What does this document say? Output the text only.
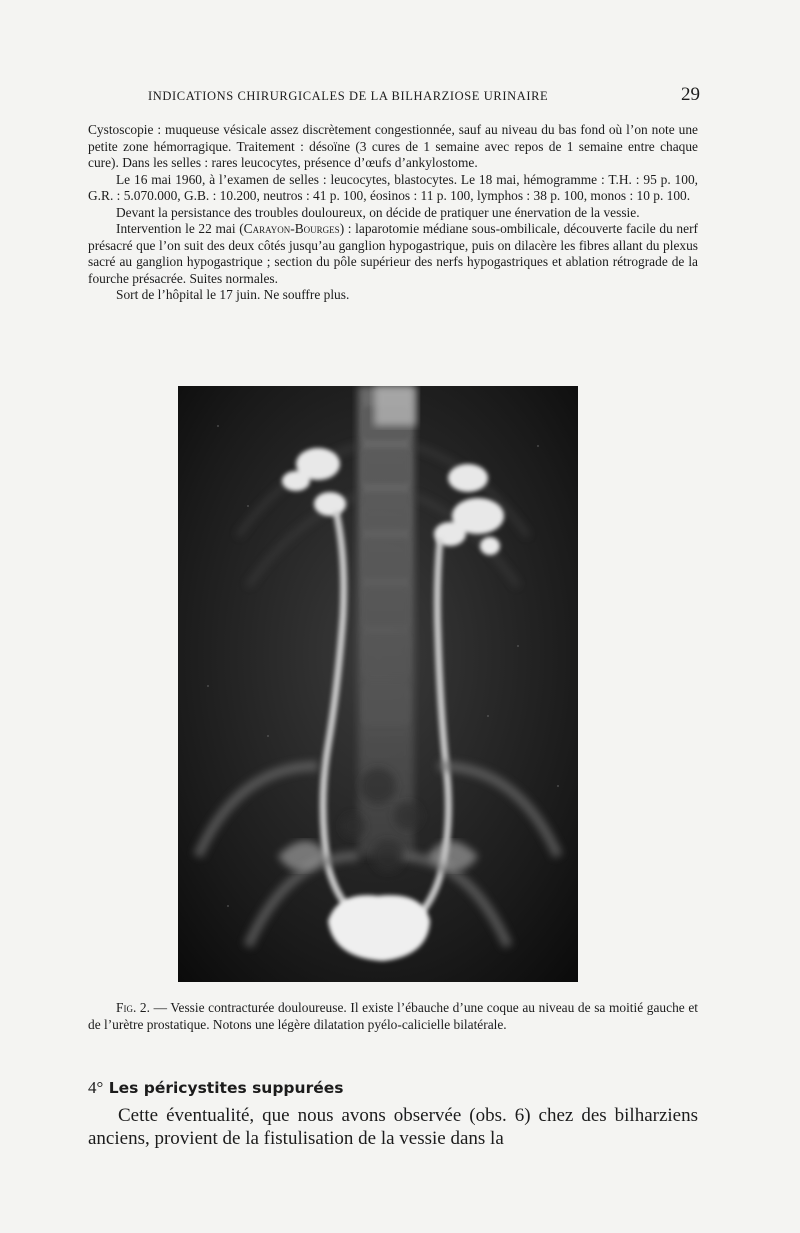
INDICATIONS CHIRURGICALES DE LA BILHARZIOSE URINAIRE	29

Cystoscopie : muqueuse vésicale assez discrètement congestionnée, sauf au niveau du bas fond où l’on note une petite zone hémorragique. Traitement : désoïne (3 cures de 1 semaine avec repos de 1 semaine entre chaque cure). Dans les selles : rares leucocytes, présence d’œufs d’ankylostome.

Le 16 mai 1960, à l’examen de selles : leucocytes, blastocytes. Le 18 mai, hémogramme : T.H. : 95 p. 100, G.R. : 5.070.000, G.B. : 10.200, neutros : 41 p. 100, éosinos : 11 p. 100, lymphos : 38 p. 100, monos : 10 p. 100.

Devant la persistance des troubles douloureux, on décide de pratiquer une énervation de la vessie.

Intervention le 22 mai (Carayon-Bourges) : laparotomie médiane sous-ombilicale, découverte facile du nerf présacré que l’on suit des deux côtés jusqu’au ganglion hypogastrique, puis on dilacère les fibres allant du plexus sacré au ganglion hypogastrique ; section du pôle supérieur des nerfs hypogastriques et ablation rétrograde de la fourche présacrée. Suites normales.

Sort de l’hôpital le 17 juin. Ne souffre plus.

Fig. 2. — Vessie contracturée douloureuse. Il existe l’ébauche d’une coque au niveau de sa moitié gauche et de l’urètre prostatique. Notons une légère dilatation pyélo-calicielle bilatérale.
4° Les péricystites suppurées

Cette éventualité, que nous avons observée (obs. 6) chez des bilharziens anciens, provient de la fistulisation de la vessie dans la
